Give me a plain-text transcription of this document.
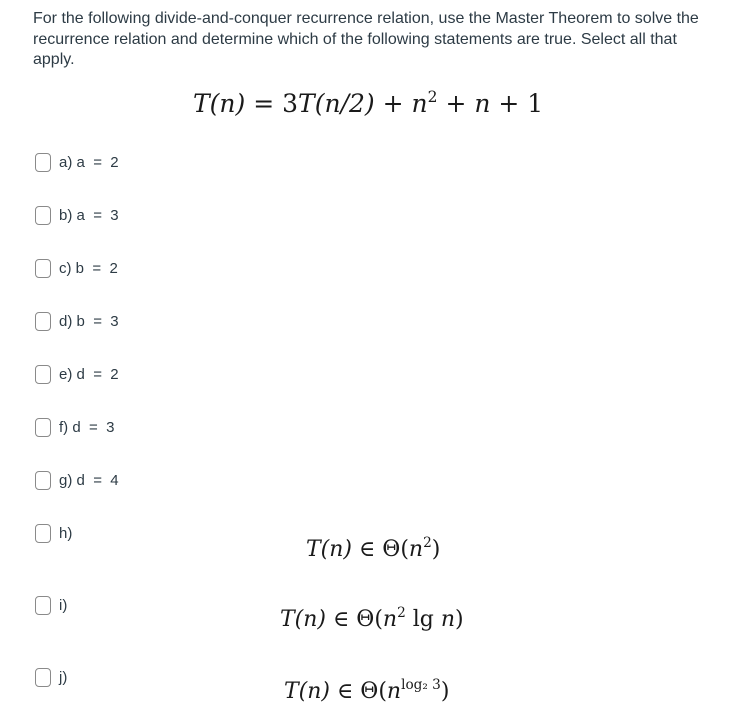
For the following divide-and-conquer recurrence relation, use the Master Theorem to solve the recurrence relation and determine which of the following statements are true. Select all that apply.
$T(n) = 3T(n/2) + n^2 + n + 1$
a) a  =  2
b) a  =  3
c) b  =  2
d) b  =  3
e) d  =  2
f) d  =  3
g) d  =  4
h)
T(n) ∈ $\Theta(n^2)$
i)
T(n) ∈ $\Theta(n^2$ lg n)
j)
T(n) ∈ $\Theta(n^{log_2 3})$
